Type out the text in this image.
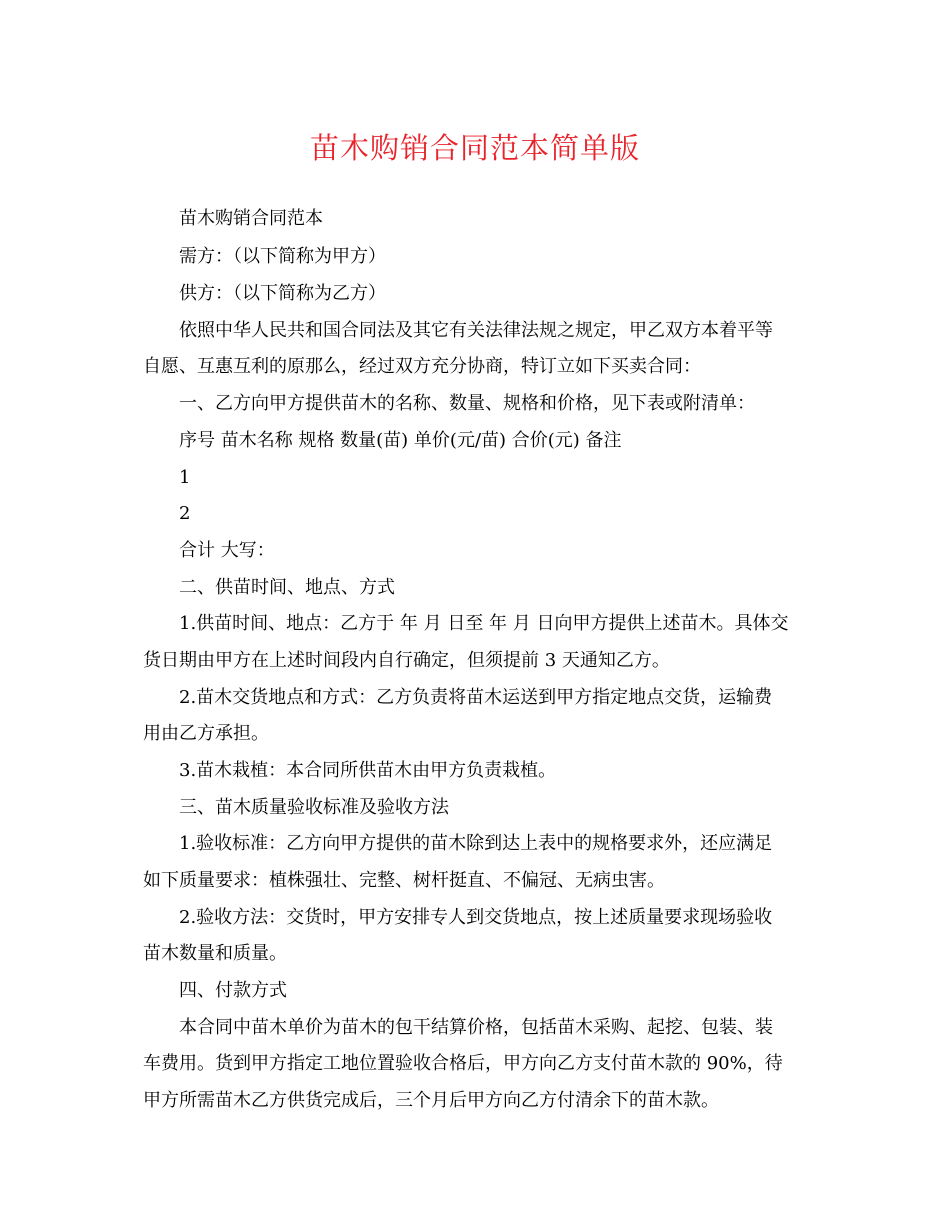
苗木购销合同范本简单版
苗木购销合同范本
需方：（以下简称为甲方）
供方：（以下简称为乙方）
依照中华人民共和国合同法及其它有关法律法规之规定，甲乙双方本着平等
自愿、互惠互利的原那么，经过双方充分协商，特订立如下买卖合同：
一、乙方向甲方提供苗木的名称、数量、规格和价格，见下表或附清单：
序号 苗木名称 规格 数量(苗) 单价(元/苗) 合价(元) 备注
1
2
合计 大写：
二、供苗时间、地点、方式
1.供苗时间、地点：乙方于 年 月 日至 年 月 日向甲方提供上述苗木。具体交
货日期由甲方在上述时间段内自行确定，但须提前 3 天通知乙方。
2.苗木交货地点和方式：乙方负责将苗木运送到甲方指定地点交货，运输费
用由乙方承担。
3.苗木栽植：本合同所供苗木由甲方负责栽植。
三、苗木质量验收标准及验收方法
1.验收标准：乙方向甲方提供的苗木除到达上表中的规格要求外，还应满足
如下质量要求：植株强壮、完整、树杆挺直、不偏冠、无病虫害。
2.验收方法：交货时，甲方安排专人到交货地点，按上述质量要求现场验收
苗木数量和质量。
四、付款方式
本合同中苗木单价为苗木的包干结算价格，包括苗木采购、起挖、包装、装
车费用。货到甲方指定工地位置验收合格后，甲方向乙方支付苗木款的 90%，待
甲方所需苗木乙方供货完成后，三个月后甲方向乙方付清余下的苗木款。
